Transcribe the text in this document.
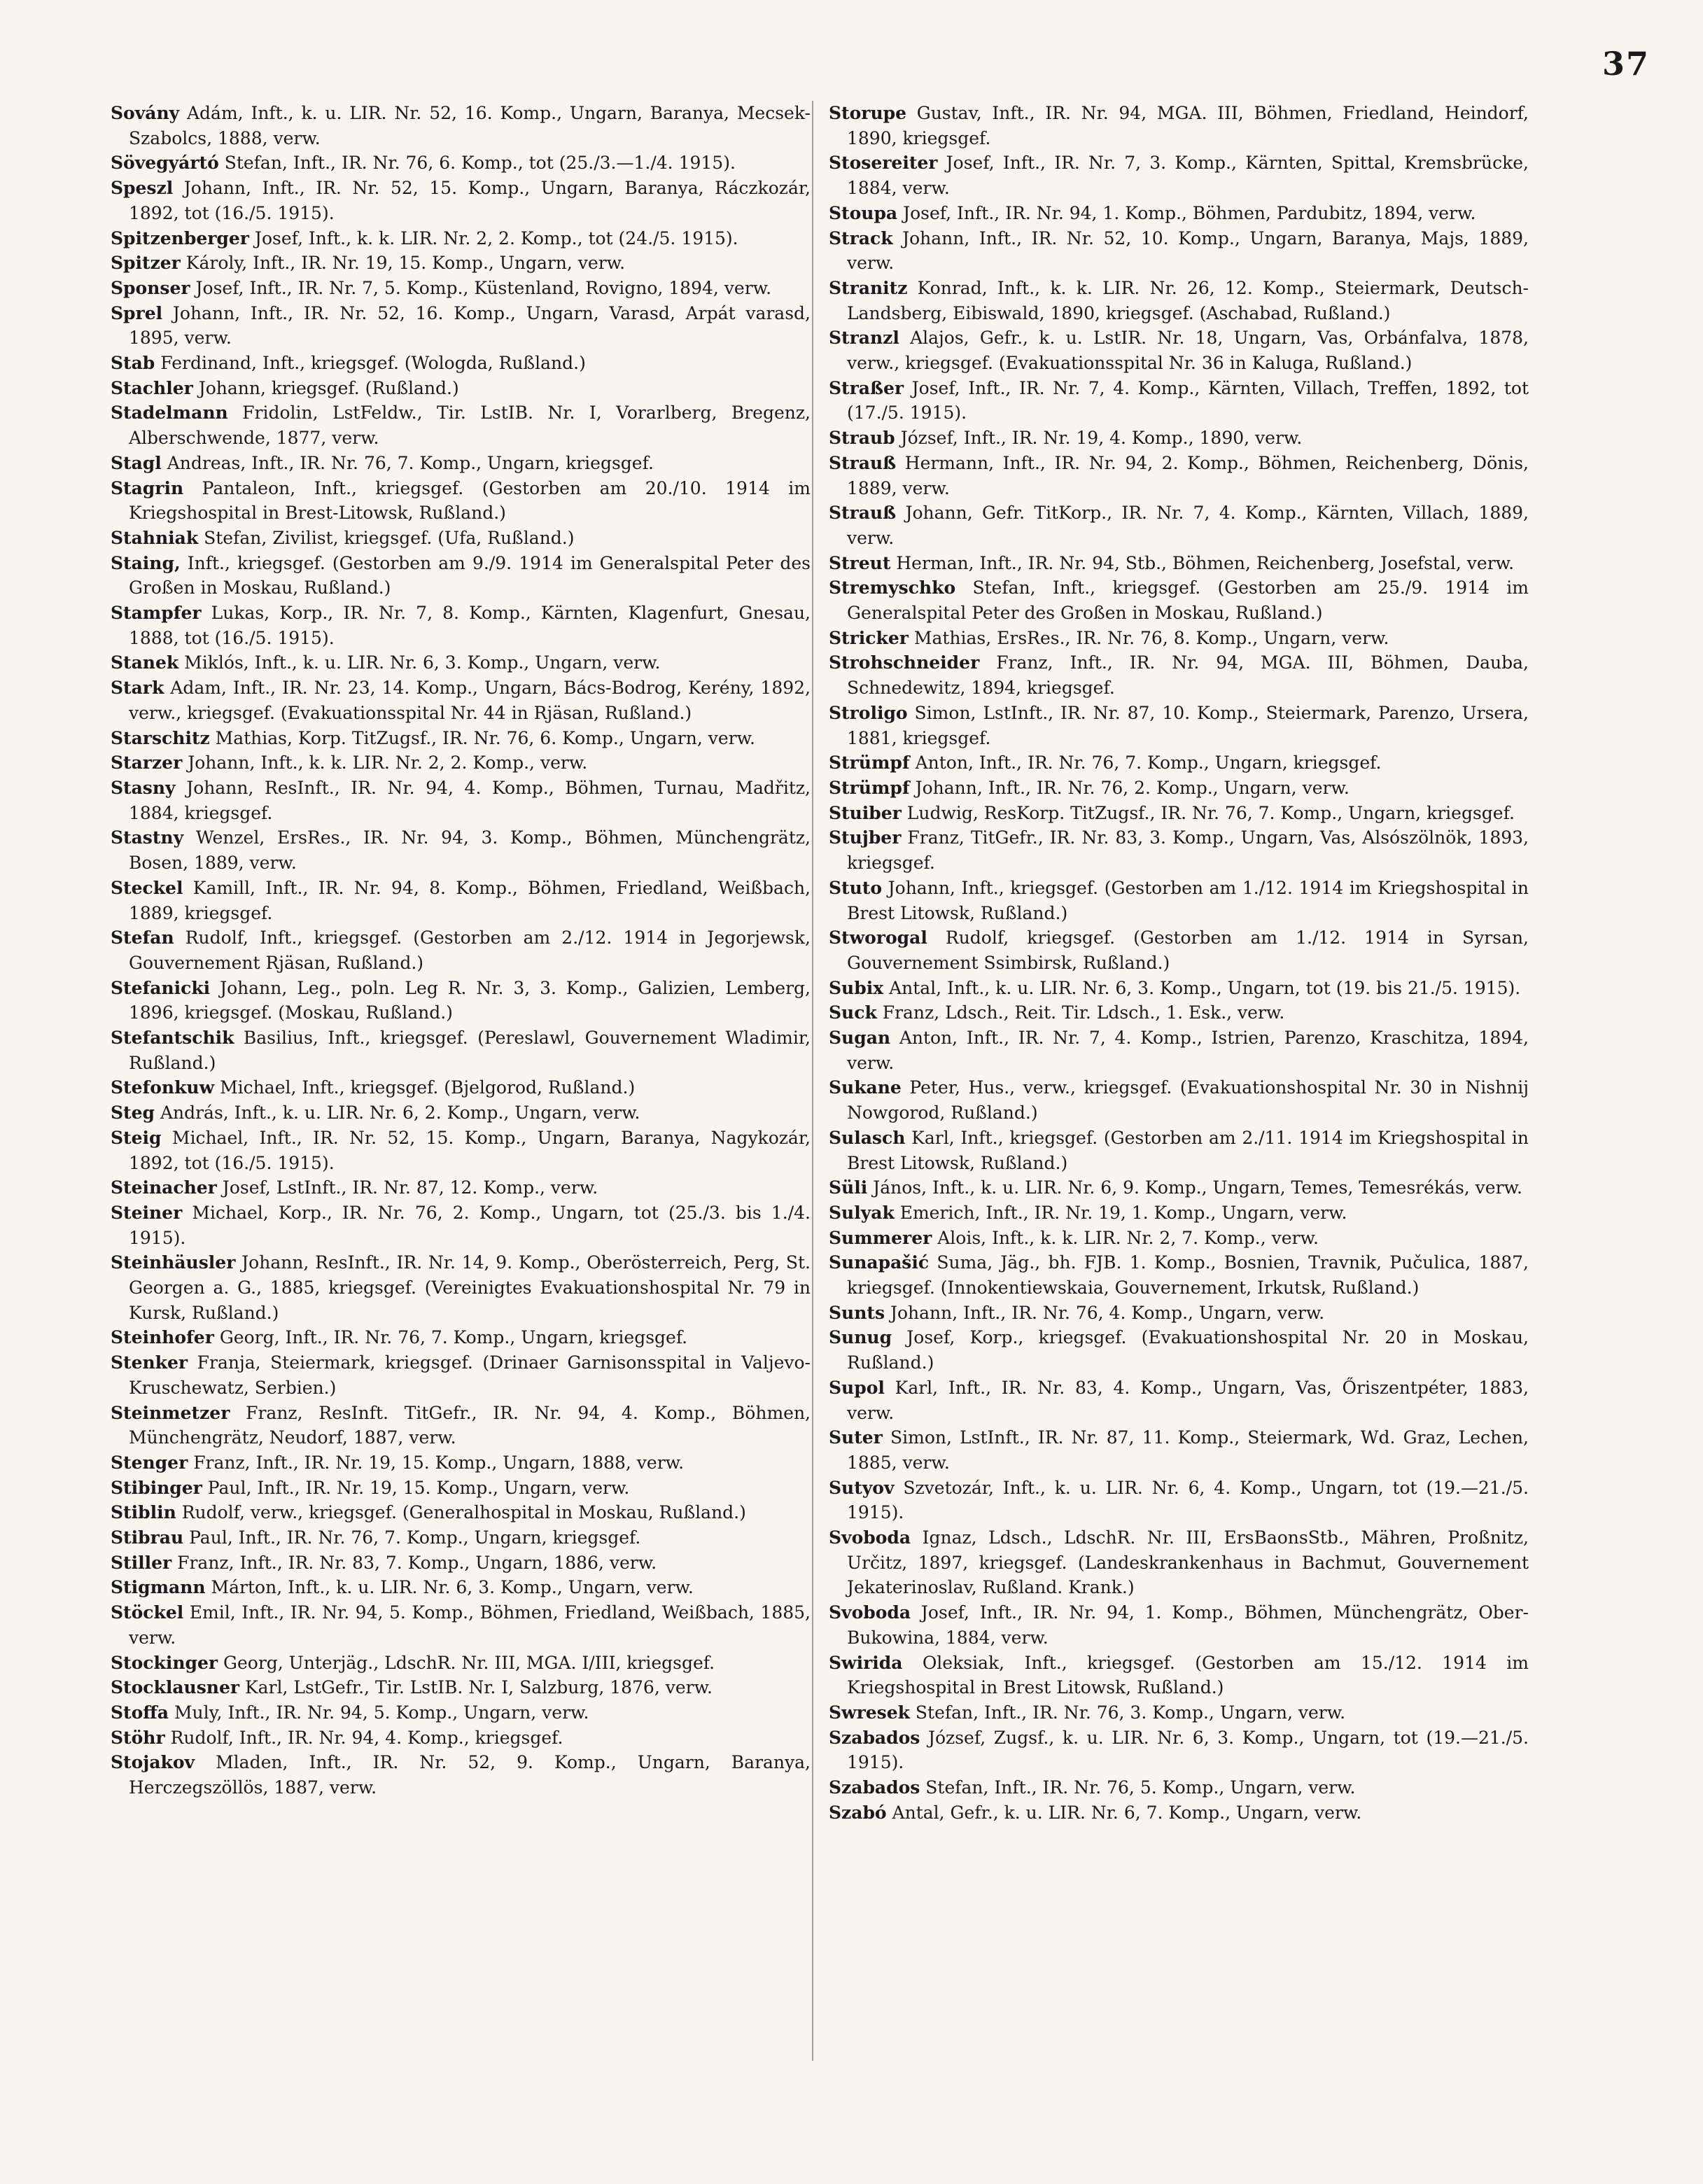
37

Sovány Adám, Inft., k. u. LIR. Nr. 52, 16. Komp., Ungarn, Baranya, Mecsek-Szabolcs, 1888, verw.

Sövegyártó Stefan, Inft., IR. Nr. 76, 6. Komp., tot (25./3.—1./4. 1915).

Speszl Johann, Inft., IR. Nr. 52, 15. Komp., Ungarn, Baranya, Ráczkozár, 1892, tot (16./5. 1915).

Spitzenberger Josef, Inft., k. k. LIR. Nr. 2, 2. Komp., tot (24./5. 1915).

Spitzer Károly, Inft., IR. Nr. 19, 15. Komp., Ungarn, verw.

Sponser Josef, Inft., IR. Nr. 7, 5. Komp., Küstenland, Rovigno, 1894, verw.

Sprel Johann, Inft., IR. Nr. 52, 16. Komp., Ungarn, Varasd, Arpát varasd, 1895, verw.

Stab Ferdinand, Inft., kriegsgef. (Wologda, Rußland.)

Stachler Johann, kriegsgef. (Rußland.)

Stadelmann Fridolin, LstFeldw., Tir. LstIB. Nr. I, Vorarlberg, Bregenz, Alberschwende, 1877, verw.

Stagl Andreas, Inft., IR. Nr. 76, 7. Komp., Ungarn, kriegsgef.

Stagrin Pantaleon, Inft., kriegsgef. (Gestorben am 20./10. 1914 im Kriegshospital in Brest-Litowsk, Rußland.)

Stahniak Stefan, Zivilist, kriegsgef. (Ufa, Rußland.)

Staing, Inft., kriegsgef. (Gestorben am 9./9. 1914 im Generalspital Peter des Großen in Moskau, Rußland.)

Stampfer Lukas, Korp., IR. Nr. 7, 8. Komp., Kärnten, Klagenfurt, Gnesau, 1888, tot (16./5. 1915).

Stanek Miklós, Inft., k. u. LIR. Nr. 6, 3. Komp., Ungarn, verw.

Stark Adam, Inft., IR. Nr. 23, 14. Komp., Ungarn, Bács-Bodrog, Kerény, 1892, verw., kriegsgef. (Evakuationsspital Nr. 44 in Rjäsan, Rußland.)

Starschitz Mathias, Korp. TitZugsf., IR. Nr. 76, 6. Komp., Ungarn, verw.

Starzer Johann, Inft., k. k. LIR. Nr. 2, 2. Komp., verw.

Stasny Johann, ResInft., IR. Nr. 94, 4. Komp., Böhmen, Turnau, Madřitz, 1884, kriegsgef.

Stastny Wenzel, ErsRes., IR. Nr. 94, 3. Komp., Böhmen, Münchengrätz, Bosen, 1889, verw.

Steckel Kamill, Inft., IR. Nr. 94, 8. Komp., Böhmen, Friedland, Weißbach, 1889, kriegsgef.

Stefan Rudolf, Inft., kriegsgef. (Gestorben am 2./12. 1914 in Jegorjewsk, Gouvernement Rjäsan, Rußland.)

Stefanicki Johann, Leg., poln. Leg R. Nr. 3, 3. Komp., Galizien, Lemberg, 1896, kriegsgef. (Moskau, Rußland.)

Stefantschik Basilius, Inft., kriegsgef. (Pereslawl, Gouvernement Wladimir, Rußland.)

Stefonkuw Michael, Inft., kriegsgef. (Bjelgorod, Rußland.)

Steg András, Inft., k. u. LIR. Nr. 6, 2. Komp., Ungarn, verw.

Steig Michael, Inft., IR. Nr. 52, 15. Komp., Ungarn, Baranya, Nagykozár, 1892, tot (16./5. 1915).

Steinacher Josef, LstInft., IR. Nr. 87, 12. Komp., verw.

Steiner Michael, Korp., IR. Nr. 76, 2. Komp., Ungarn, tot (25./3. bis 1./4. 1915).

Steinhäusler Johann, ResInft., IR. Nr. 14, 9. Komp., Oberösterreich, Perg, St. Georgen a. G., 1885, kriegsgef. (Vereinigtes Evakuationshospital Nr. 79 in Kursk, Rußland.)

Steinhofer Georg, Inft., IR. Nr. 76, 7. Komp., Ungarn, kriegsgef.

Stenker Franja, Steiermark, kriegsgef. (Drinaer Garnisonsspital in Valjevo-Kruschewatz, Serbien.)

Steinmetzer Franz, ResInft. TitGefr., IR. Nr. 94, 4. Komp., Böhmen, Münchengrätz, Neudorf, 1887, verw.

Stenger Franz, Inft., IR. Nr. 19, 15. Komp., Ungarn, 1888, verw.

Stibinger Paul, Inft., IR. Nr. 19, 15. Komp., Ungarn, verw.

Stiblin Rudolf, verw., kriegsgef. (Generalhospital in Moskau, Rußland.)

Stibrau Paul, Inft., IR. Nr. 76, 7. Komp., Ungarn, kriegsgef.

Stiller Franz, Inft., IR. Nr. 83, 7. Komp., Ungarn, 1886, verw.

Stigmann Márton, Inft., k. u. LIR. Nr. 6, 3. Komp., Ungarn, verw.

Stöckel Emil, Inft., IR. Nr. 94, 5. Komp., Böhmen, Friedland, Weißbach, 1885, verw.

Stockinger Georg, Unterjäg., LdschR. Nr. III, MGA. I/III, kriegsgef.

Stocklausner Karl, LstGefr., Tir. LstIB. Nr. I, Salzburg, 1876, verw.

Stoffa Muly, Inft., IR. Nr. 94, 5. Komp., Ungarn, verw.

Stöhr Rudolf, Inft., IR. Nr. 94, 4. Komp., kriegsgef.

Stojakov Mladen, Inft., IR. Nr. 52, 9. Komp., Ungarn, Baranya, Herczegszöllös, 1887, verw.

Storupe Gustav, Inft., IR. Nr. 94, MGA. III, Böhmen, Friedland, Heindorf, 1890, kriegsgef.

Stosereiter Josef, Inft., IR. Nr. 7, 3. Komp., Kärnten, Spittal, Kremsbrücke, 1884, verw.

Stoupa Josef, Inft., IR. Nr. 94, 1. Komp., Böhmen, Pardubitz, 1894, verw.

Strack Johann, Inft., IR. Nr. 52, 10. Komp., Ungarn, Baranya, Majs, 1889, verw.

Stranitz Konrad, Inft., k. k. LIR. Nr. 26, 12. Komp., Steiermark, Deutsch-Landsberg, Eibiswald, 1890, kriegsgef. (Aschabad, Rußland.)

Stranzl Alajos, Gefr., k. u. LstIR. Nr. 18, Ungarn, Vas, Orbánfalva, 1878, verw., kriegsgef. (Evakuationsspital Nr. 36 in Kaluga, Rußland.)

Straßer Josef, Inft., IR. Nr. 7, 4. Komp., Kärnten, Villach, Treffen, 1892, tot (17./5. 1915).

Straub József, Inft., IR. Nr. 19, 4. Komp., 1890, verw.

Strauß Hermann, Inft., IR. Nr. 94, 2. Komp., Böhmen, Reichenberg, Dönis, 1889, verw.

Strauß Johann, Gefr. TitKorp., IR. Nr. 7, 4. Komp., Kärnten, Villach, 1889, verw.

Streut Herman, Inft., IR. Nr. 94, Stb., Böhmen, Reichenberg, Josefstal, verw.

Stremyschko Stefan, Inft., kriegsgef. (Gestorben am 25./9. 1914 im Generalspital Peter des Großen in Moskau, Rußland.)

Stricker Mathias, ErsRes., IR. Nr. 76, 8. Komp., Ungarn, verw.

Strohschneider Franz, Inft., IR. Nr. 94, MGA. III, Böhmen, Dauba, Schnedewitz, 1894, kriegsgef.

Stroligo Simon, LstInft., IR. Nr. 87, 10. Komp., Steiermark, Parenzo, Ursera, 1881, kriegsgef.

Strümpf Anton, Inft., IR. Nr. 76, 7. Komp., Ungarn, kriegsgef.

Strümpf Johann, Inft., IR. Nr. 76, 2. Komp., Ungarn, verw.

Stuiber Ludwig, ResKorp. TitZugsf., IR. Nr. 76, 7. Komp., Ungarn, kriegsgef.

Stujber Franz, TitGefr., IR. Nr. 83, 3. Komp., Ungarn, Vas, Alsószölnök, 1893, kriegsgef.

Stuto Johann, Inft., kriegsgef. (Gestorben am 1./12. 1914 im Kriegshospital in Brest Litowsk, Rußland.)

Stworogal Rudolf, kriegsgef. (Gestorben am 1./12. 1914 in Syrsan, Gouvernement Ssimbirsk, Rußland.)

Subix Antal, Inft., k. u. LIR. Nr. 6, 3. Komp., Ungarn, tot (19. bis 21./5. 1915).

Suck Franz, Ldsch., Reit. Tir. Ldsch., 1. Esk., verw.

Sugan Anton, Inft., IR. Nr. 7, 4. Komp., Istrien, Parenzo, Kraschitza, 1894, verw.

Sukane Peter, Hus., verw., kriegsgef. (Evakuationshospital Nr. 30 in Nishnij Nowgorod, Rußland.)

Sulasch Karl, Inft., kriegsgef. (Gestorben am 2./11. 1914 im Kriegshospital in Brest Litowsk, Rußland.)

Süli János, Inft., k. u. LIR. Nr. 6, 9. Komp., Ungarn, Temes, Temesrékás, verw.

Sulyak Emerich, Inft., IR. Nr. 19, 1. Komp., Ungarn, verw.

Summerer Alois, Inft., k. k. LIR. Nr. 2, 7. Komp., verw.

Sunapašić Suma, Jäg., bh. FJB. 1. Komp., Bosnien, Travnik, Pučulica, 1887, kriegsgef. (Innokentiewskaia, Gouvernement, Irkutsk, Rußland.)

Sunts Johann, Inft., IR. Nr. 76, 4. Komp., Ungarn, verw.

Sunug Josef, Korp., kriegsgef. (Evakuationshospital Nr. 20 in Moskau, Rußland.)

Supol Karl, Inft., IR. Nr. 83, 4. Komp., Ungarn, Vas, Őriszentpéter, 1883, verw.

Suter Simon, LstInft., IR. Nr. 87, 11. Komp., Steiermark, Wd. Graz, Lechen, 1885, verw.

Sutyov Szvetozár, Inft., k. u. LIR. Nr. 6, 4. Komp., Ungarn, tot (19.—21./5. 1915).

Svoboda Ignaz, Ldsch., LdschR. Nr. III, ErsBaonsStb., Mähren, Proßnitz, Určitz, 1897, kriegsgef. (Landeskrankenhaus in Bachmut, Gouvernement Jekaterinoslav, Rußland. Krank.)

Svoboda Josef, Inft., IR. Nr. 94, 1. Komp., Böhmen, Münchengrätz, Ober-Bukowina, 1884, verw.

Swirida Oleksiak, Inft., kriegsgef. (Gestorben am 15./12. 1914 im Kriegshospital in Brest Litowsk, Rußland.)

Swresek Stefan, Inft., IR. Nr. 76, 3. Komp., Ungarn, verw.

Szabados József, Zugsf., k. u. LIR. Nr. 6, 3. Komp., Ungarn, tot (19.—21./5. 1915).

Szabados Stefan, Inft., IR. Nr. 76, 5. Komp., Ungarn, verw.

Szabó Antal, Gefr., k. u. LIR. Nr. 6, 7. Komp., Ungarn, verw.
